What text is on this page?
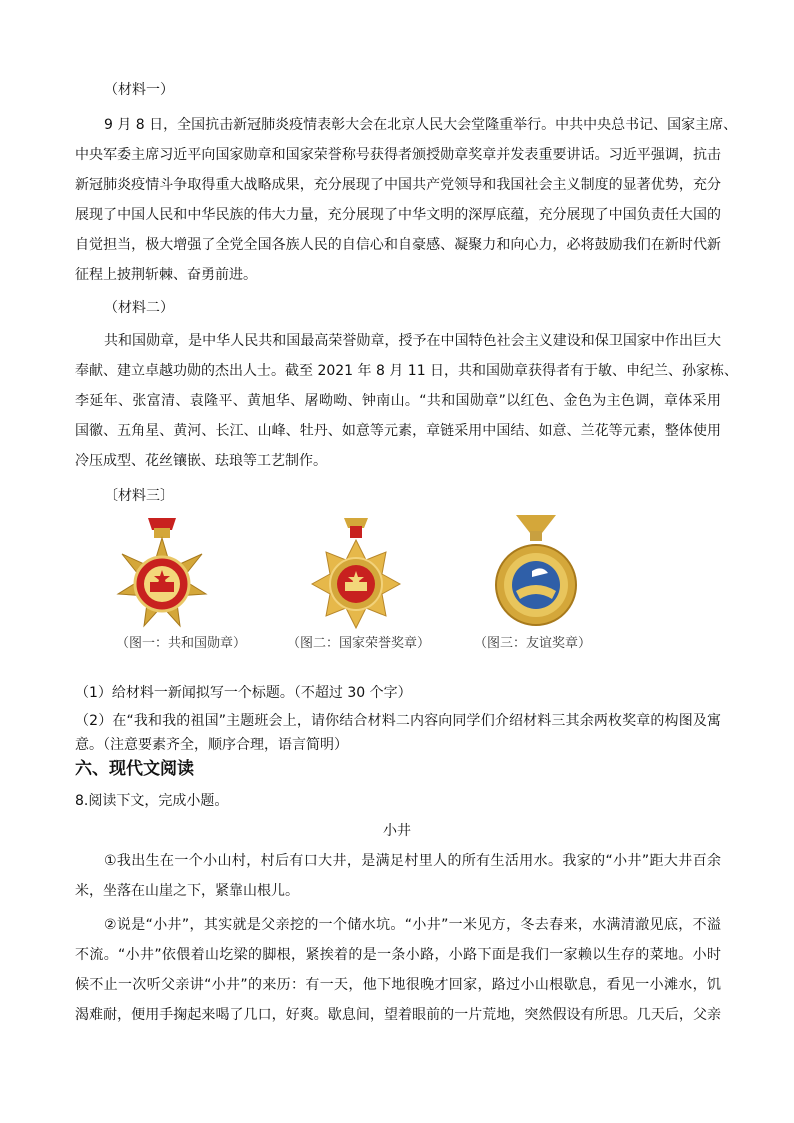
（材料一）
9 月 8 日，全国抗击新冠肺炎疫情表彰大会在北京人民大会堂隆重举行。中共中央总书记、国家主席、
中央军委主席习近平向国家勋章和国家荣誉称号获得者颁授勋章奖章并发表重要讲话。习近平强调，抗击
新冠肺炎疫情斗争取得重大战略成果，充分展现了中国共产党领导和我国社会主义制度的显著优势，充分
展现了中国人民和中华民族的伟大力量，充分展现了中华文明的深厚底蕴，充分展现了中国负责任大国的
自觉担当，极大增强了全党全国各族人民的自信心和自豪感、凝聚力和向心力，必将鼓励我们在新时代新
征程上披荆斩棘、奋勇前进。
（材料二）
共和国勋章，是中华人民共和国最高荣誉勋章，授予在中国特色社会主义建设和保卫国家中作出巨大
奉献、建立卓越功勋的杰出人士。截至 2021 年 8 月 11 日，共和国勋章获得者有于敏、申纪兰、孙家栋、
李延年、张富清、袁隆平、黄旭华、屠呦呦、钟南山。“共和国勋章”以红色、金色为主色调，章体采用
国徽、五角星、黄河、长江、山峰、牡丹、如意等元素，章链采用中国结、如意、兰花等元素，整体使用
冷压成型、花丝镶嵌、珐琅等工艺制作。
〔材料三〕
（图一：共和国勋章）	（图二：国家荣誉奖章）	（图三：友谊奖章）
（1）给材料一新闻拟写一个标题。（不超过 30 个字）
（2）在“我和我的祖国”主题班会上，请你结合材料二内容向同学们介绍材料三其余两枚奖章的构图及寓
意。（注意要素齐全，顺序合理，语言简明）
六、现代文阅读
8.阅读下文，完成小题。
小井
①我出生在一个小山村，村后有口大井，是满足村里人的所有生活用水。我家的“小井”距大井百余
米，坐落在山崖之下，紧靠山根儿。
②说是“小井”，其实就是父亲挖的一个储水坑。“小井”一米见方，冬去春来，水满清澈见底，不溢
不流。“小井”依偎着山圪梁的脚根，紧挨着的是一条小路，小路下面是我们一家赖以生存的菜地。小时
候不止一次听父亲讲“小井”的来历：有一天，他下地很晚才回家，路过小山根歇息，看见一小滩水，饥
渴难耐，便用手掬起来喝了几口，好爽。歇息间，望着眼前的一片荒地，突然假设有所思。几天后，父亲
